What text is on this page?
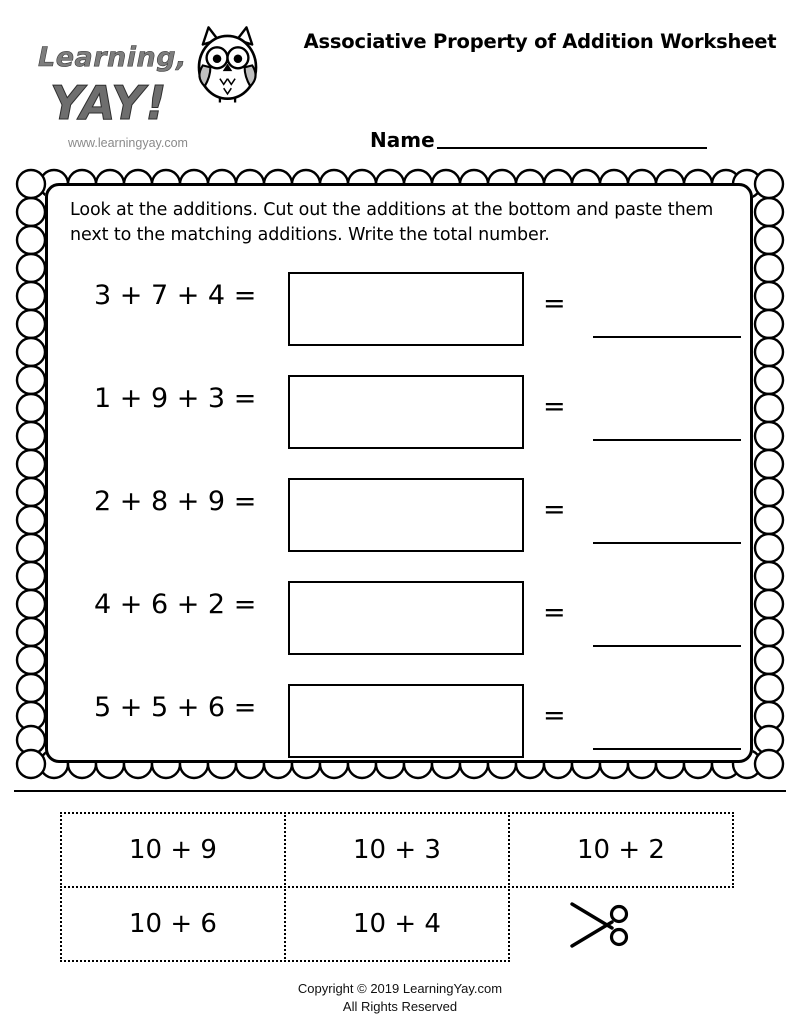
Learning,
YAY!
www.learningyay.com
Associative Property of Addition Worksheet
Name
Look at the additions. Cut out the additions at the bottom and paste them next to the matching additions. Write the total number.
3 + 7 + 4 =	=
1 + 9 + 3 =	=
2 + 8 + 9 =	=
4 + 6 + 2 =	=
5 + 5 + 6 =	=
10 + 9	10 + 3	10 + 2
10 + 6	10 + 4
Copyright © 2019 LearningYay.com
All Rights Reserved
